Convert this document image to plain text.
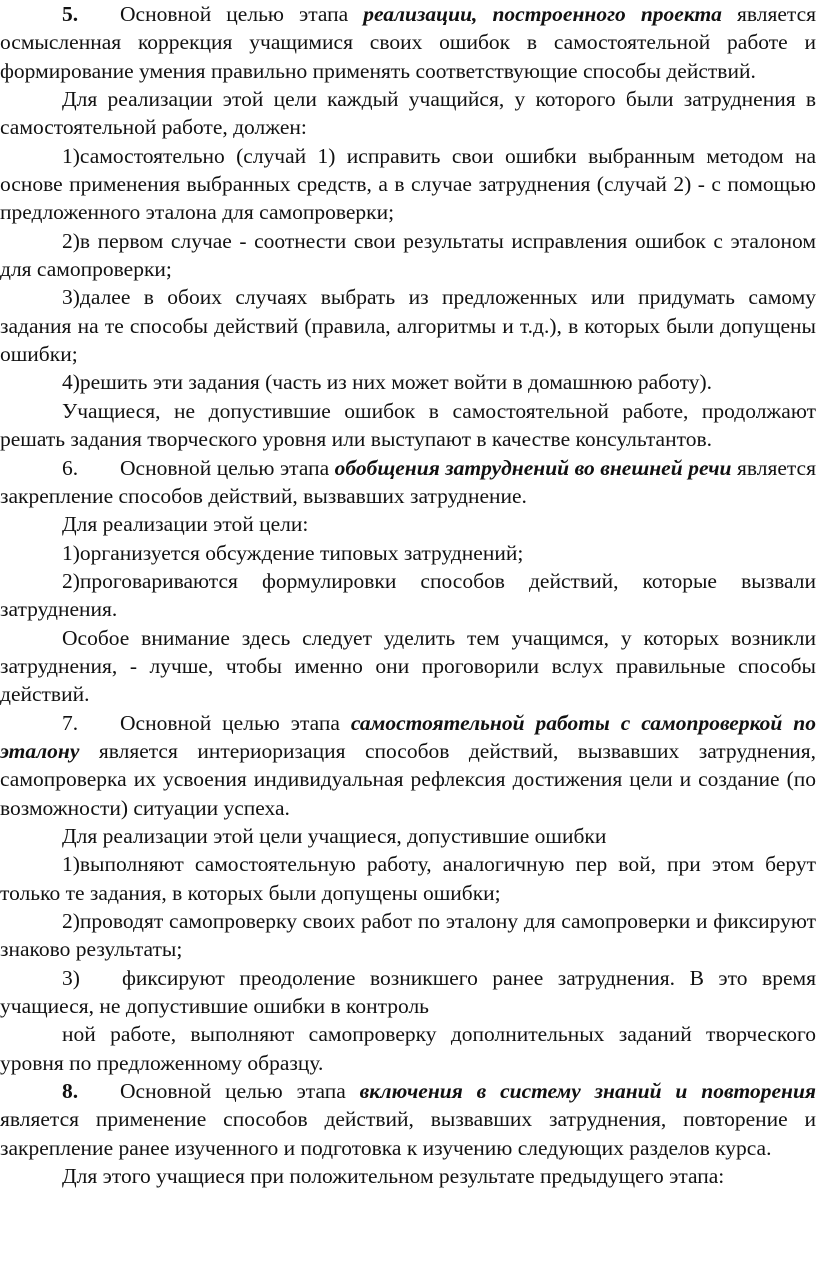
5. Основной целью этапа реализации, построенного проекта является осмысленная коррекция учащимися своих ошибок в самостоятельной работе и формирование умения правильно применять соответствующие способы действий.

Для реализации этой цели каждый учащийся, у которого были затруднения в самостоятельной работе, должен:

1)самостоятельно (случай 1) исправить свои ошибки выбранным методом на основе применения выбранных средств, а в случае затруднения (случай 2) - с помощью предложенного эталона для самопроверки;

2)в первом случае - соотнести свои результаты исправления ошибок с эталоном для самопроверки;

3)далее в обоих случаях выбрать из предложенных или придумать самому задания на те способы действий (правила, алгоритмы и т.д.), в которых были допущены ошибки;

4)решить эти задания (часть из них может войти в домашнюю работу).

Учащиеся, не допустившие ошибок в самостоятельной работе, продолжают решать задания творческого уровня или выступают в качестве консультантов.

6. Основной целью этапа обобщения затруднений во внешней речи является закрепление способов действий, вызвавших затруднение.

Для реализации этой цели:

1)организуется обсуждение типовых затруднений;

2)проговариваются формулировки способов действий, которые вызвали затруднения.

Особое внимание здесь следует уделить тем учащимся, у которых возникли затруднения, - лучше, чтобы именно они проговорили вслух правильные способы действий.

7. Основной целью этапа самостоятельной работы с самопроверкой по эталону является интериоризация способов действий, вызвавших затруднения, самопроверка их усвоения индивидуальная рефлексия достижения цели и создание (по возможности) ситуации успеха.

Для реализации этой цели учащиеся, допустившие ошибки

1)выполняют самостоятельную работу, аналогичную пер вой, при этом берут только те задания, в которых были допущены ошибки;

2)проводят самопроверку своих работ по эталону для самопроверки и фиксируют знаково результаты;

3) фиксируют преодоление возникшего ранее затруднения. В это время учащиеся, не допустившие ошибки в контроль

ной работе, выполняют самопроверку дополнительных заданий творческого уровня по предложенному образцу.

8. Основной целью этапа включения в систему знаний и повторения является применение способов действий, вызвавших затруднения, повторение и закрепление ранее изученного и подготовка к изучению следующих разделов курса.

Для этого учащиеся при положительном результате предыдущего этапа:
